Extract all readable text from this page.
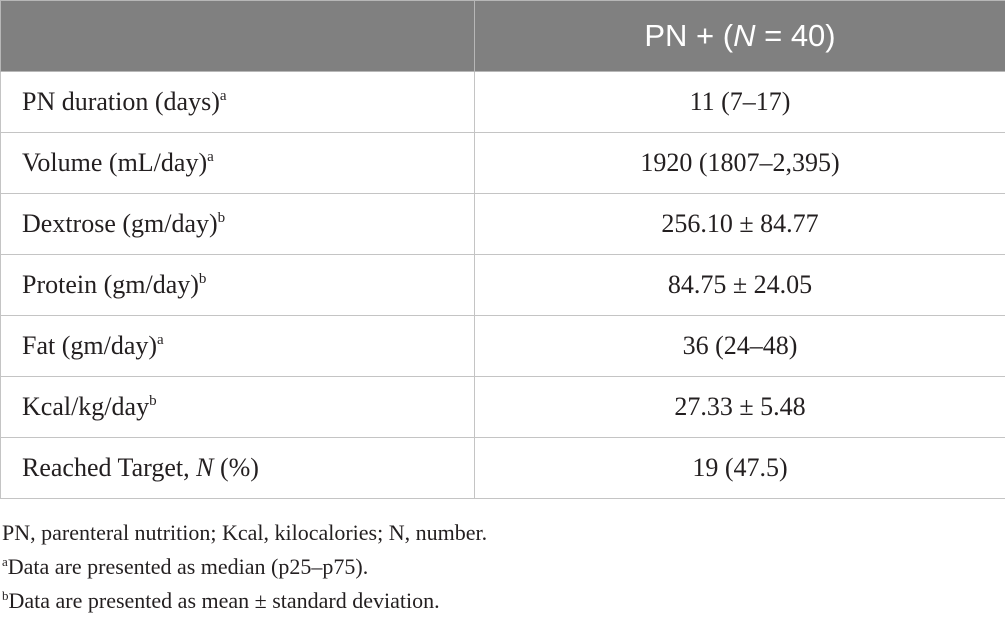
	PN + (N = 40)
PN duration (days)$^a$	11 (7–17)
Volume $(mL/day)^a$	1920 (1807–2,395)
Dextrose $(gm/day)^b$	256.10 ± 84.77
Protein $(gm/day)^b$	84.75 ± 24.05
Fat $(gm/day)^a$	36 (24–48)
Kcal/kg/day$^b$	27.33 ± 5.48
Reached Target, N (%)	19 (47.5)

PN, parenteral nutrition; Kcal, kilocalories; N, number.

$^a$Data are presented as median (p25–p75).

$^b$Data are presented as mean ± standard deviation.
